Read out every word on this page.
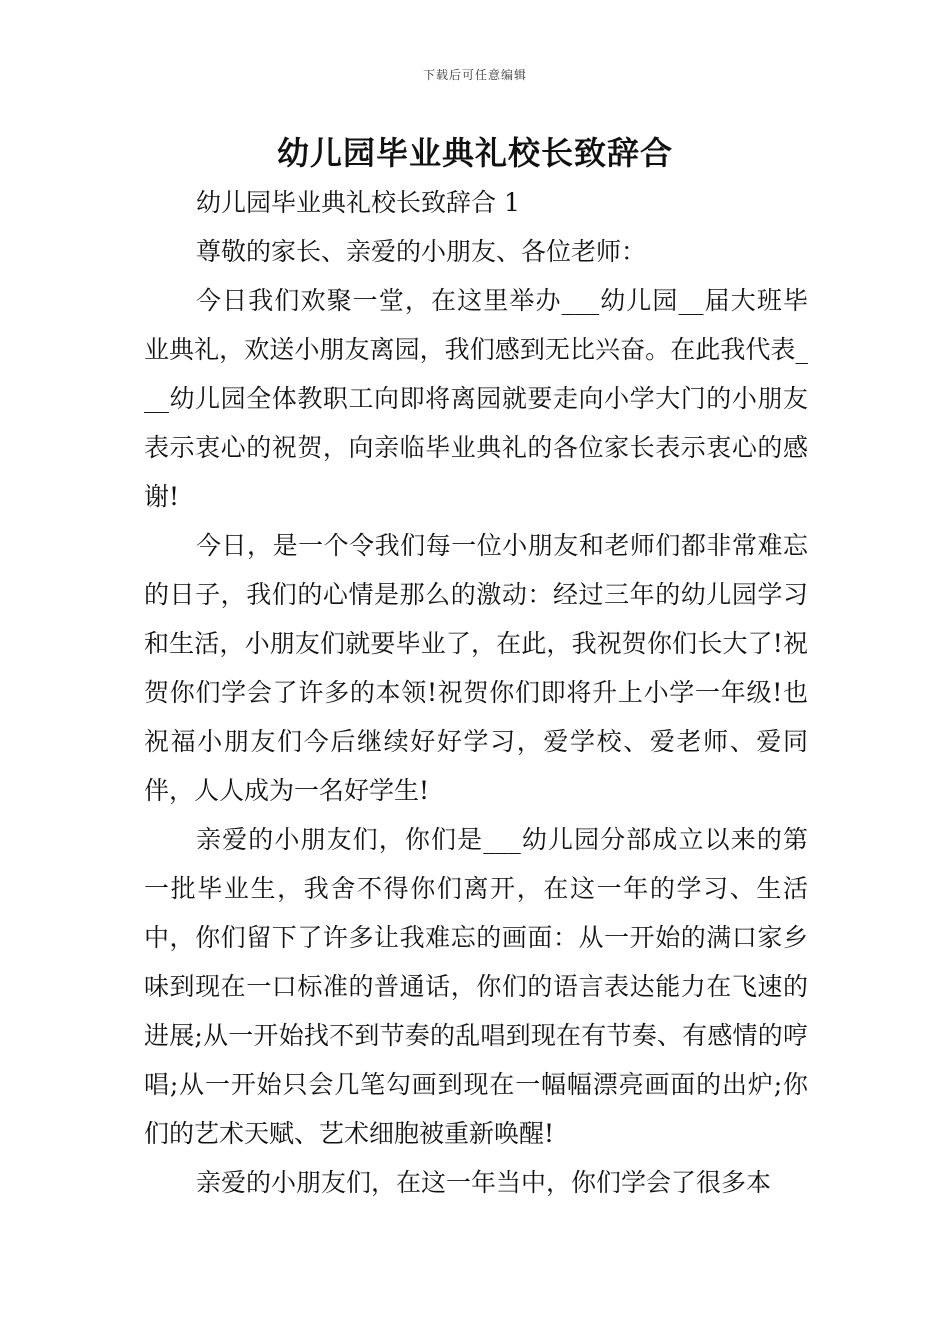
下载后可任意编辑
幼儿园毕业典礼校长致辞合

幼儿园毕业典礼校长致辞合 1

尊敬的家长、亲爱的小朋友、各位老师：

今日我们欢聚一堂，在这里举办___幼儿园__届大班毕业典礼，欢送小朋友离园，我们感到无比兴奋。在此我代表___幼儿园全体教职工向即将离园就要走向小学大门的小朋友表示衷心的祝贺，向亲临毕业典礼的各位家长表示衷心的感谢!

今日，是一个令我们每一位小朋友和老师们都非常难忘的日子，我们的心情是那么的激动：经过三年的幼儿园学习和生活，小朋友们就要毕业了，在此，我祝贺你们长大了!祝贺你们学会了许多的本领!祝贺你们即将升上小学一年级!也祝福小朋友们今后继续好好学习，爱学校、爱老师、爱同伴，人人成为一名好学生!

亲爱的小朋友们，你们是___幼儿园分部成立以来的第一批毕业生，我舍不得你们离开，在这一年的学习、生活中，你们留下了许多让我难忘的画面：从一开始的满口家乡味到现在一口标准的普通话，你们的语言表达能力在飞速的进展;从一开始找不到节奏的乱唱到现在有节奏、有感情的哼唱;从一开始只会几笔勾画到现在一幅幅漂亮画面的出炉;你们的艺术天赋、艺术细胞被重新唤醒!

亲爱的小朋友们，在这一年当中，你们学会了很多本
